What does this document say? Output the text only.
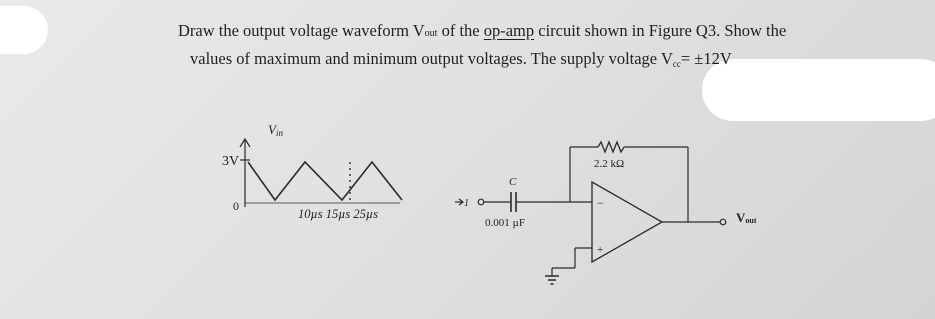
Draw the output voltage waveform Vout of the op-amp circuit shown in Figure Q3. Show the
values of maximum and minimum output voltages. The supply voltage $V_{cc}= \pm 12V$
3V
0
Vin
10µs 15µs 25µs
2.2 kΩ
C
0.001 µF
1	−
+
Vout
